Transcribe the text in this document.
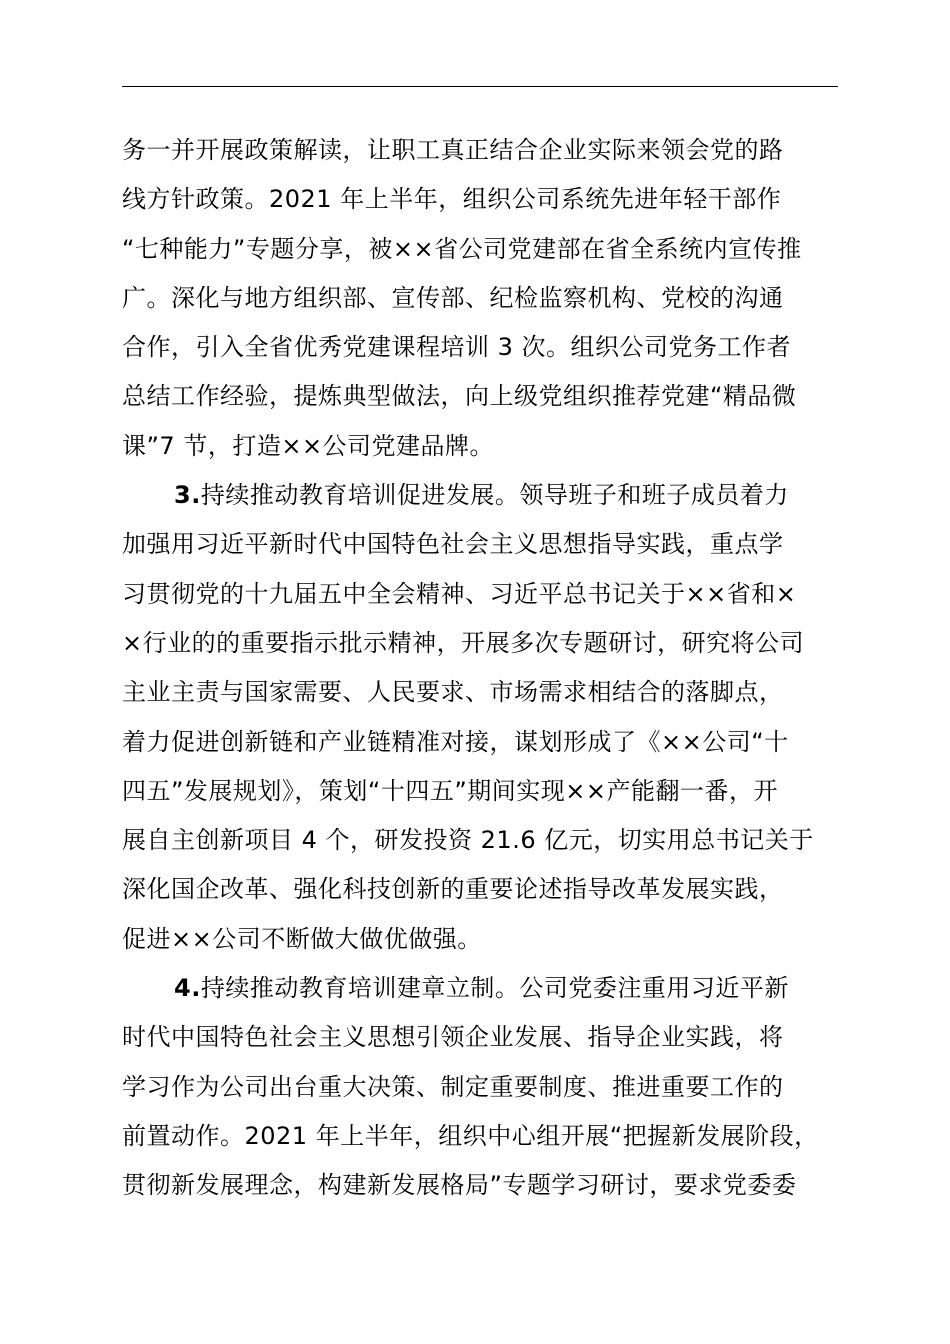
务一并开展政策解读，让职工真正结合企业实际来领会党的路
线方针政策。2021 年上半年，组织公司系统先进年轻干部作
“七种能力”专题分享，被××省公司党建部在省全系统内宣传推
广。深化与地方组织部、宣传部、纪检监察机构、党校的沟通
合作，引入全省优秀党建课程培训 3 次。组织公司党务工作者
总结工作经验，提炼典型做法，向上级党组织推荐党建“精品微
课”7 节，打造××公司党建品牌。
3.持续推动教育培训促进发展。领导班子和班子成员着力
加强用习近平新时代中国特色社会主义思想指导实践，重点学
习贯彻党的十九届五中全会精神、习近平总书记关于××省和×
×行业的的重要指示批示精神，开展多次专题研讨，研究将公司
主业主责与国家需要、人民要求、市场需求相结合的落脚点，
着力促进创新链和产业链精准对接，谋划形成了《××公司“十
四五”发展规划》，策划“十四五”期间实现××产能翻一番，开
展自主创新项目 4 个，研发投资 21.6 亿元，切实用总书记关于
深化国企改革、强化科技创新的重要论述指导改革发展实践，
促进××公司不断做大做优做强。
4.持续推动教育培训建章立制。公司党委注重用习近平新
时代中国特色社会主义思想引领企业发展、指导企业实践，将
学习作为公司出台重大决策、制定重要制度、推进重要工作的
前置动作。2021 年上半年，组织中心组开展“把握新发展阶段，
贯彻新发展理念，构建新发展格局”专题学习研讨，要求党委委
